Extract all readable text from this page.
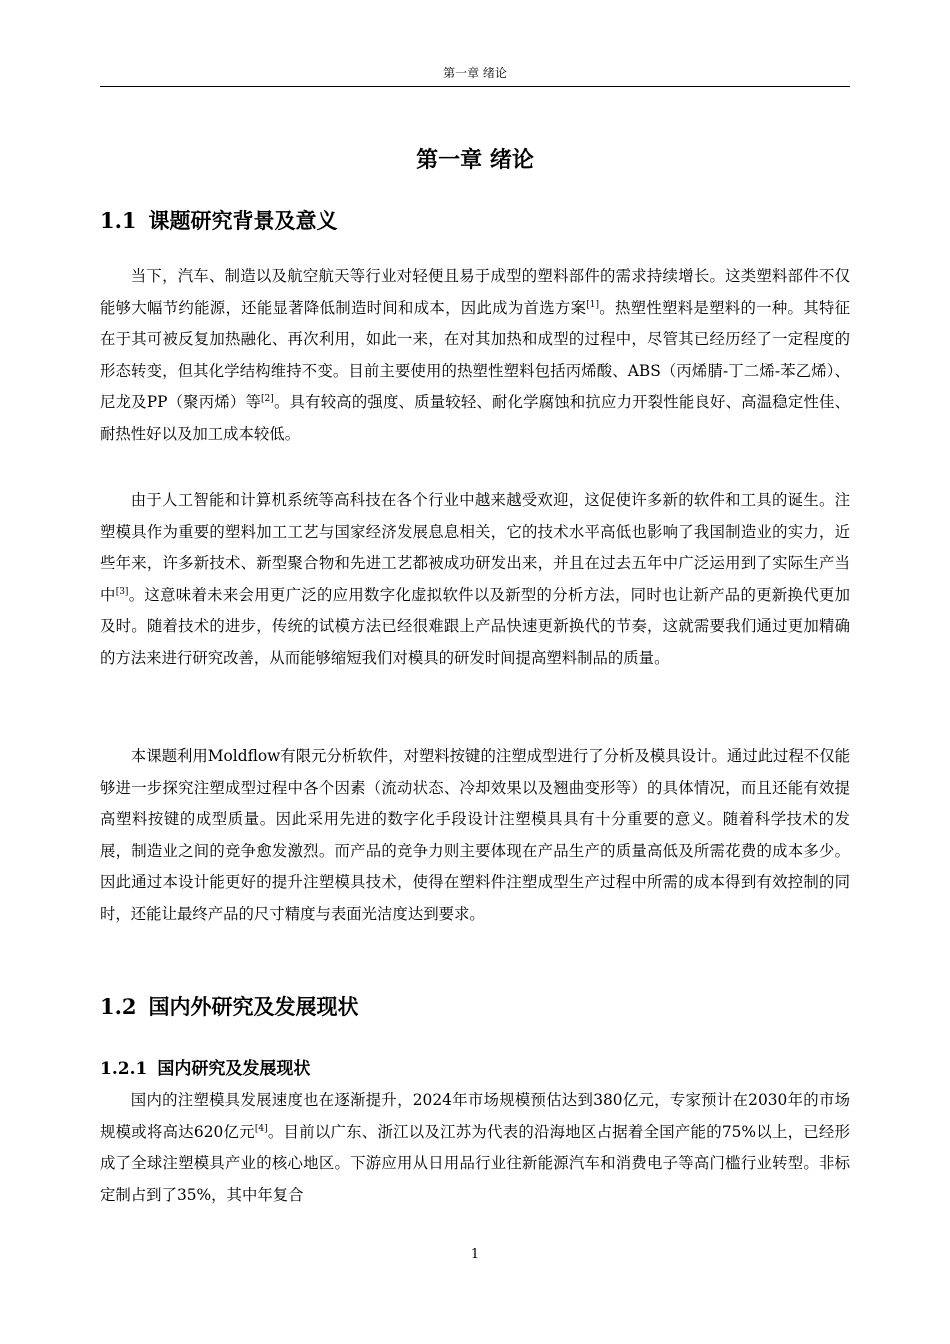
第一章 绪论
第一章 绪论
1.1 课题研究背景及意义

当下，汽车、制造以及航空航天等行业对轻便且易于成型的塑料部件的需求持续增长。这类塑料部件不仅能够大幅节约能源，还能显著降低制造时间和成本，因此成为首选方案[1]。热塑性塑料是塑料的一种。其特征在于其可被反复加热融化、再次利用，如此一来，在对其加热和成型的过程中，尽管其已经历经了一定程度的形态转变，但其化学结构维持不变。目前主要使用的热塑性塑料包括丙烯酸、ABS（丙烯腈-丁二烯-苯乙烯）、尼龙及PP（聚丙烯）等[2]。具有较高的强度、质量较轻、耐化学腐蚀和抗应力开裂性能良好、高温稳定性佳、耐热性好以及加工成本较低。

由于人工智能和计算机系统等高科技在各个行业中越来越受欢迎，这促使许多新的软件和工具的诞生。注塑模具作为重要的塑料加工工艺与国家经济发展息息相关，它的技术水平高低也影响了我国制造业的实力，近些年来，许多新技术、新型聚合物和先进工艺都被成功研发出来，并且在过去五年中广泛运用到了实际生产当中[3]。这意味着未来会用更广泛的应用数字化虚拟软件以及新型的分析方法，同时也让新产品的更新换代更加及时。随着技术的进步，传统的试模方法已经很难跟上产品快速更新换代的节奏，这就需要我们通过更加精确的方法来进行研究改善，从而能够缩短我们对模具的研发时间提高塑料制品的质量。

本课题利用Moldflow有限元分析软件，对塑料按键的注塑成型进行了分析及模具设计。通过此过程不仅能够进一步探究注塑成型过程中各个因素（流动状态、冷却效果以及翘曲变形等）的具体情况，而且还能有效提高塑料按键的成型质量。因此采用先进的数字化手段设计注塑模具具有十分重要的意义。随着科学技术的发展，制造业之间的竞争愈发激烈。而产品的竞争力则主要体现在产品生产的质量高低及所需花费的成本多少。因此通过本设计能更好的提升注塑模具技术，使得在塑料件注塑成型生产过程中所需的成本得到有效控制的同时，还能让最终产品的尺寸精度与表面光洁度达到要求。

1.2 国内外研究及发展现状
1.2.1 国内研究及发展现状

国内的注塑模具发展速度也在逐渐提升，2024年市场规模预估达到380亿元，专家预计在2030年的市场规模或将高达620亿元[4]。目前以广东、浙江以及江苏为代表的沿海地区占据着全国产能的75%以上，已经形成了全球注塑模具产业的核心地区。下游应用从日用品行业往新能源汽车和消费电子等高门槛行业转型。非标定制占到了35%，其中年复合

1
